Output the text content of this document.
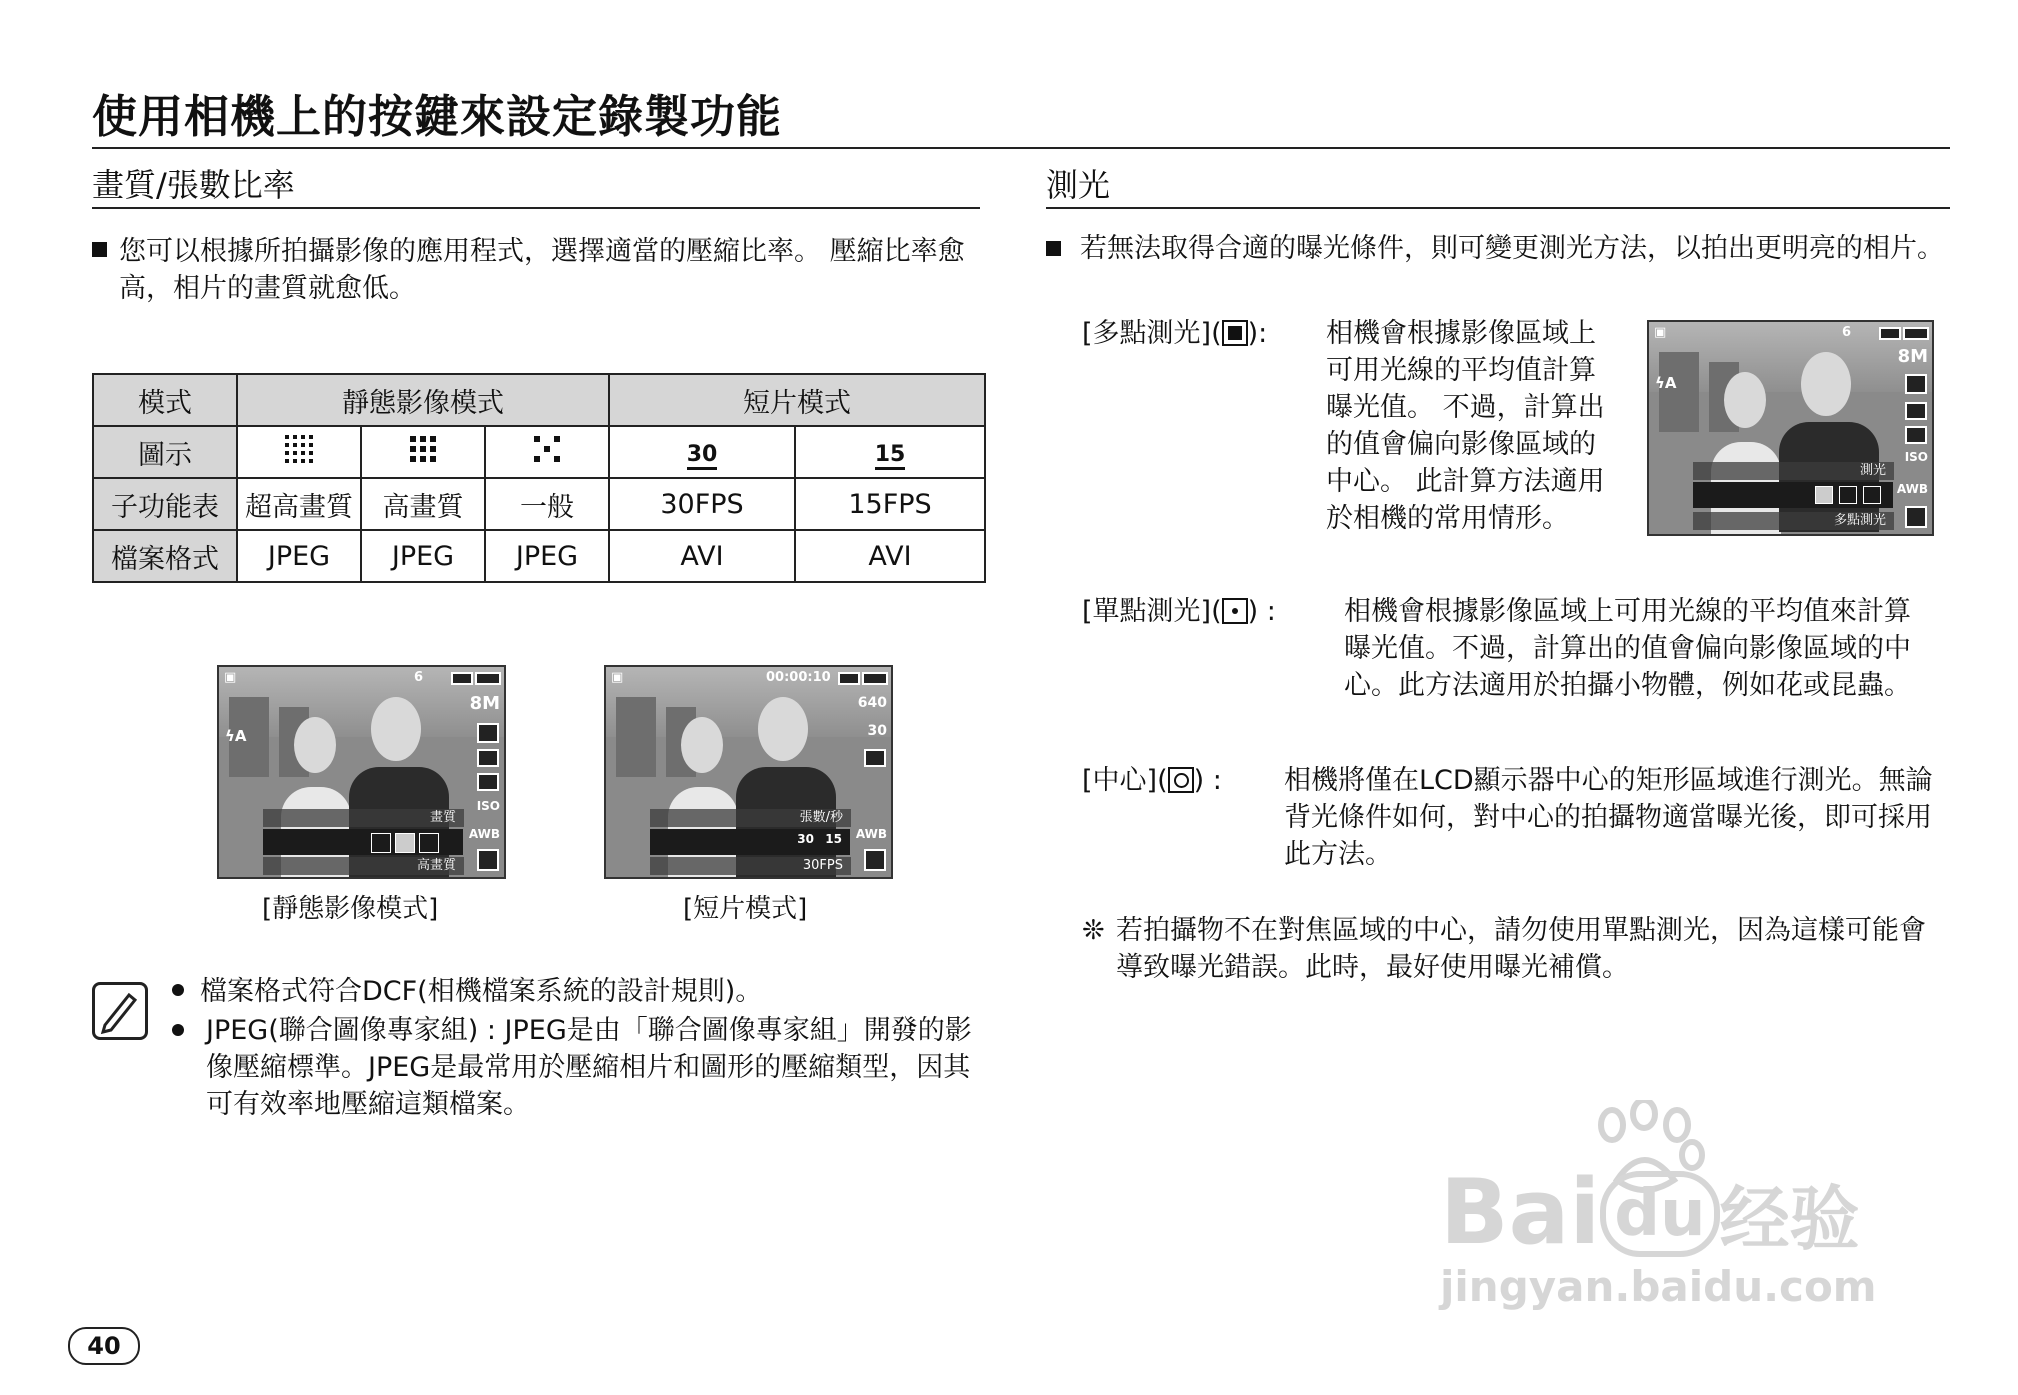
使用相機上的按鍵來設定錄製功能
畫質/張數比率
您可以根據所拍攝影像的應用程式，選擇適當的壓縮比率。 壓縮比率愈高，相片的畫質就愈低。
模式	靜態影像模式			短片模式	
圖示				30	15
子功能表	超高畫質	高畫質	一般	30FPS	15FPS
檔案格式	JPEG	JPEG	JPEG	AVI	AVI
▣	6
8M
ϟA
ISO
AWB
畫質
高畫質
[靜態影像模式]
▣	00:00:10
640
30
AWB
張數/秒
30 15
30FPS
[短片模式]
檔案格式符合DCF(相機檔案系統的設計規則)。
JPEG(聯合圖像專家組) : JPEG是由「聯合圖像專家組」開發的影像壓縮標準。JPEG是最常用於壓縮相片和圖形的壓縮類型，因其可有效率地壓縮這類檔案。
測光
若無法取得合適的曝光條件，則可變更測光方法，以拍出更明亮的相片。
[多點測光]( ): 相機會根據影像區域上可用光線的平均值計算曝光值。 不過，計算出的值會偏向影像區域的中心。 此計算方法適用於相機的常用情形。
▣	6
8M
ϟA
ISO
AWB
測光
多點測光
[單點測光]( ) :	相機會根據影像區域上可用光線的平均值來計算曝光值。不過，計算出的值會偏向影像區域的中心。此方法適用於拍攝小物體，例如花或昆蟲。
[中心]( ) : 相機將僅在LCD顯示器中心的矩形區域進行測光。無論背光條件如何，對中心的拍攝物適當曝光後，即可採用此方法。
❊ 若拍攝物不在對焦區域的中心，請勿使用單點測光，因為這樣可能會導致曝光錯誤。此時，最好使用曝光補償。
40
Bai du 经验
jingyan.baidu.com
